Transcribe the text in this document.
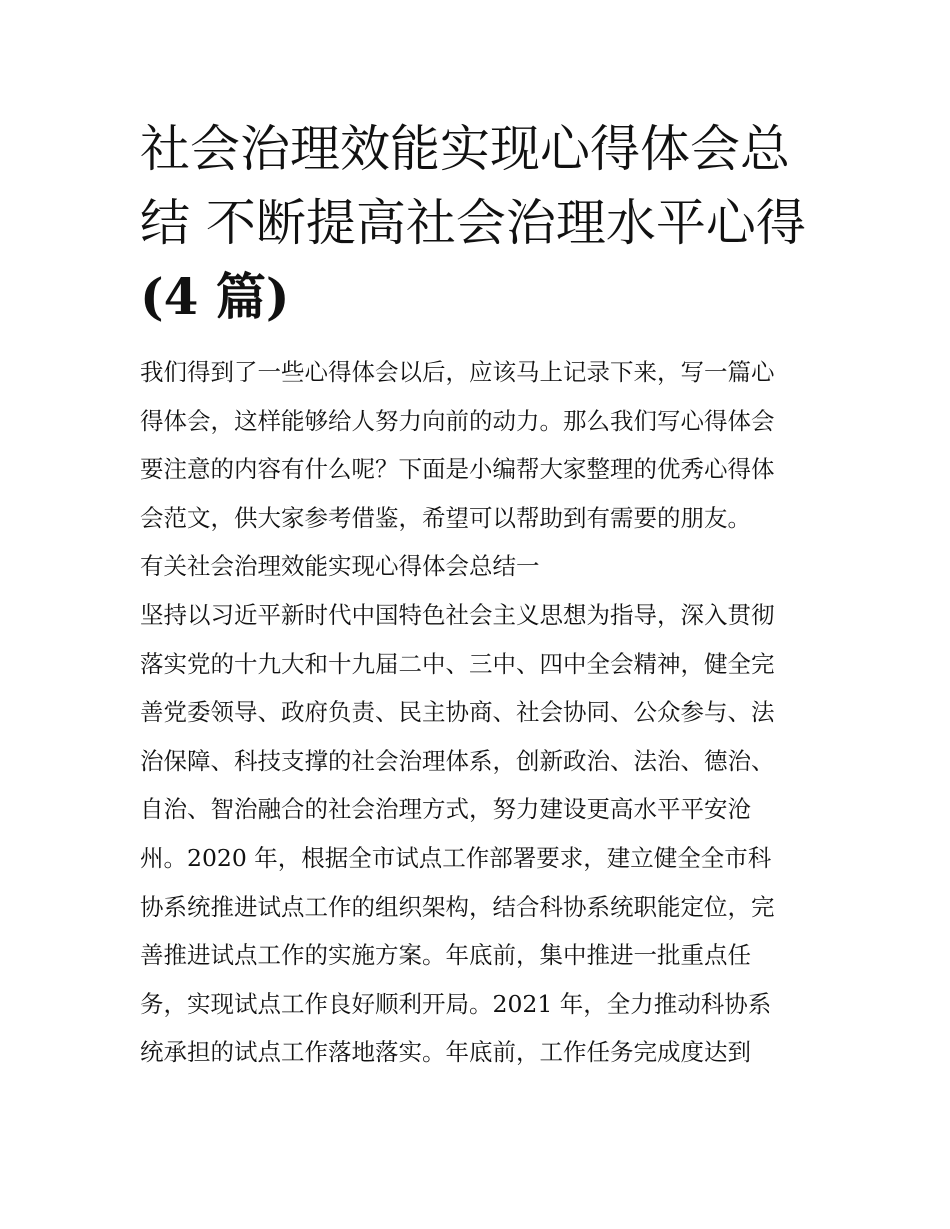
社会治理效能实现心得体会总
结 不断提高社会治理水平心得
(4 篇)

我们得到了一些心得体会以后，应该马上记录下来，写一篇心
得体会，这样能够给人努力向前的动力。那么我们写心得体会
要注意的内容有什么呢？下面是小编帮大家整理的优秀心得体
会范文，供大家参考借鉴，希望可以帮助到有需要的朋友。

有关社会治理效能实现心得体会总结一

坚持以习近平新时代中国特色社会主义思想为指导，深入贯彻
落实党的十九大和十九届二中、三中、四中全会精神，健全完
善党委领导、政府负责、民主协商、社会协同、公众参与、法
治保障、科技支撑的社会治理体系，创新政治、法治、德治、
自治、智治融合的社会治理方式，努力建设更高水平平安沧
州。2020 年，根据全市试点工作部署要求，建立健全全市科
协系统推进试点工作的组织架构，结合科协系统职能定位，完
善推进试点工作的实施方案。年底前，集中推进一批重点任
务，实现试点工作良好顺利开局。2021 年，全力推动科协系
统承担的试点工作落地落实。年底前，工作任务完成度达到
